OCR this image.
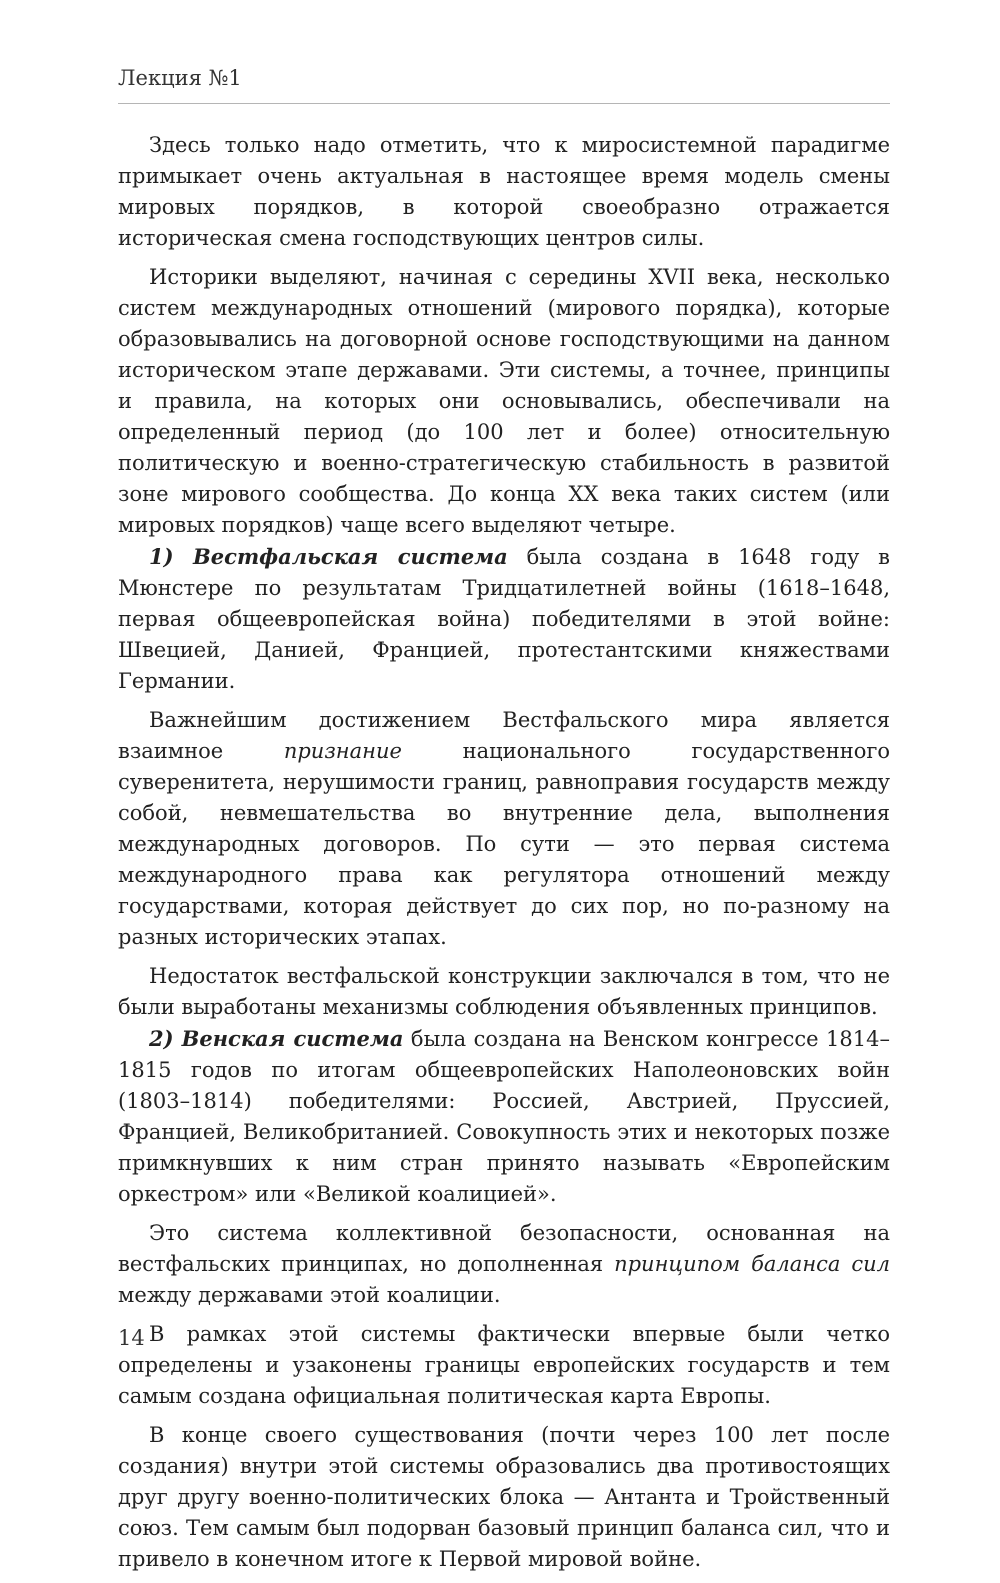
Лекция №1

Здесь только надо отметить, что к миросистемной парадигме примыкает очень актуальная в настоящее время модель смены мировых порядков, в которой своеобразно отражается историческая смена господствующих центров силы.

Историки выделяют, начиная с середины XVII века, несколько систем международных отношений (мирового порядка), которые образовывались на договорной основе господствующими на данном историческом этапе державами. Эти системы, а точнее, принципы и правила, на которых они основывались, обеспечивали на определенный период (до 100 лет и более) относительную политическую и военно-стратегическую стабильность в развитой зоне мирового сообщества. До конца XX века таких систем (или мировых порядков) чаще всего выделяют четыре.

1) Вестфальская система была создана в 1648 году в Мюнстере по результатам Тридцатилетней войны (1618–1648, первая общеевропейская война) победителями в этой войне: Швецией, Данией, Францией, протестантскими княжествами Германии.

Важнейшим достижением Вестфальского мира является взаимное признание национального государственного суверенитета, нерушимости границ, равноправия государств между собой, невмешательства во внутренние дела, выполнения международных договоров. По сути — это первая система международного права как регулятора отношений между государствами, которая действует до сих пор, но по-разному на разных исторических этапах.

Недостаток вестфальской конструкции заключался в том, что не были выработаны механизмы соблюдения объявленных принципов.

2) Венская система была создана на Венском конгрессе 1814–1815 годов по итогам общеевропейских Наполеоновских войн (1803–1814) победителями: Россией, Австрией, Пруссией, Францией, Великобританией. Совокупность этих и некоторых позже примкнувших к ним стран принято называть «Европейским оркестром» или «Великой коалицией».

Это система коллективной безопасности, основанная на вестфальских принципах, но дополненная принципом баланса сил между державами этой коалиции.

В рамках этой системы фактически впервые были четко определены и узаконены границы европейских государств и тем самым создана официальная политическая карта Европы.

В конце своего существования (почти через 100 лет после создания) внутри этой системы образовались два противостоящих друг другу военно-политических блока — Антанта и Тройственный союз. Тем самым был подорван базовый принцип баланса сил, что и привело в конечном итоге к Первой мировой войне.

14
